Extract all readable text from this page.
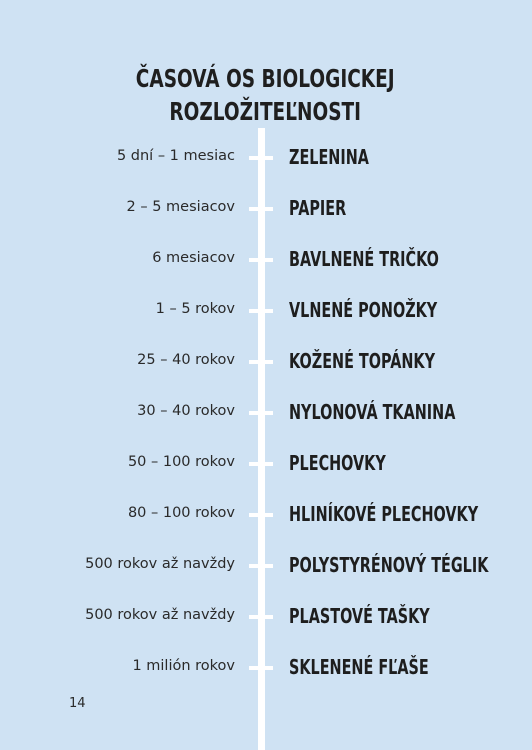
ČASOVÁ OS BIOLOGICKEJ
ROZLOŽITEĽNOSTI
5 dní – 1 mesiac	ZELENINA
2 – 5 mesiacov	PAPIER
6 mesiacov	BAVLNENÉ TRIČKO
1 – 5 rokov	VLNENÉ PONOŽKY
25 – 40 rokov	KOŽENÉ TOPÁNKY
30 – 40 rokov	NYLONOVÁ TKANINA
50 – 100 rokov	PLECHOVKY
80 – 100 rokov	HLINÍKOVÉ PLECHOVKY
500 rokov až navždy	POLYSTYRÉNOVÝ TÉGLIK
500 rokov až navždy	PLASTOVÉ TAŠKY
1 milión rokov	SKLENENÉ FĽAŠE
14
